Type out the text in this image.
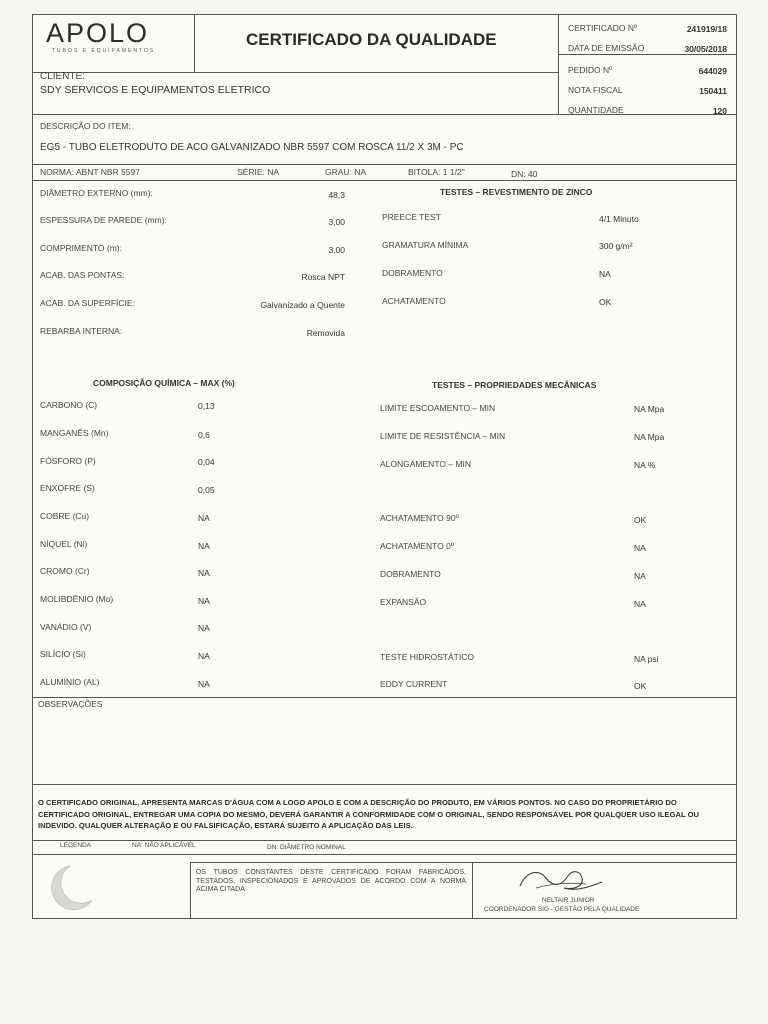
APOLO
TUBOS E EQUIPAMENTOS
CERTIFICADO DA QUALIDADE
CERTIFICADO Nº	241919/18
DATA DE EMISSÃO	30/05/2018
PEDIDO Nº	644029
NOTA FISCAL	150411
QUANTIDADE	120
CLIENTE:
SDY SERVICOS E EQUIPAMENTOS ELETRICO
DESCRIÇÃO DO ITEM:
EG5 - TUBO ELETRODUTO DE ACO GALVANIZADO NBR 5597 COM ROSCA 11/2 X 3M - PC
NORMA: ABNT NBR 5597	SÉRIE: NA	GRAU: NA	BITOLA: 1 1/2"	DN: 40
DIÂMETRO EXTERNO (mm):	48,3
ESPESSURA DE PAREDE (mm):	3,00
COMPRIMENTO (m):	3,00
ACAB. DAS PONTAS:	Rosca NPT
ACAB. DA SUPERFÍCIE:	Galvanizado a Quente
REBARBA INTERNA:	Removida
TESTES – REVESTIMENTO DE ZINCO
PREECE TEST	4/1 Minuto
GRAMATURA MÍNIMA	300 g/m²
DOBRAMENTO	NA
ACHATAMENTO	OK
COMPOSIÇÃO QUÍMICA – MAX (%)
CARBONO (C)	0,13
MANGANÊS (Mn)	0,6
FÓSFORO (P)	0,04
ENXOFRE (S)	0,05
COBRE (Cu)	NA
NÍQUEL (Ni)	NA
CROMO (Cr)	NA
MOLIBDÊNIO (Mo)	NA
VANÁDIO (V)	NA
SILÍCIO (Si)	NA
ALUMÍNIO (AL)	NA
TESTES – PROPRIEDADES MECÂNICAS
LIMITE ESCOAMENTO – MIN	NA Mpa
LIMITE DE RESISTÊNCIA – MIN	NA Mpa
ALONGAMENTO – MIN	NA %
ACHATAMENTO 90º	OK
ACHATAMENTO 0º	NA
DOBRAMENTO	NA
EXPANSÃO	NA
TESTE HIDROSTÁTICO	NA psi
EDDY CURRENT	OK
OBSERVAÇÕES
O CERTIFICADO ORIGINAL, APRESENTA MARCAS D'ÁGUA COM A LOGO APOLO E COM A DESCRIÇÃO DO PRODUTO, EM VÁRIOS PONTOS. NO CASO DO PROPRIETÁRIO DO CERTIFICADO ORIGINAL, ENTREGAR UMA COPIA DO MESMO, DEVERÁ GARANTIR A CONFORMIDADE COM O ORIGINAL, SENDO RESPONSÁVEL POR QUALQUER USO ILEGAL OU INDEVIDO. QUALQUER ALTERAÇÃO E OU FALSIFICAÇÃO, ESTARÁ SUJEITO A APLICAÇÃO DAS LEIS.
LEGENDA	NA: NÃO APLICÁVEL	DN: DIÂMETRO NOMINAL
OS TUBOS CONSTANTES DESTE CERTIFICADO FORAM FABRICADOS, TESTADOS, INSPECIONADOS E APROVADOS DE ACORDO COM A NORMA ACIMA CITADA
NELTAIR JUNIOR
COORDENADOR SIG - GESTÃO PELA QUALIDADE
